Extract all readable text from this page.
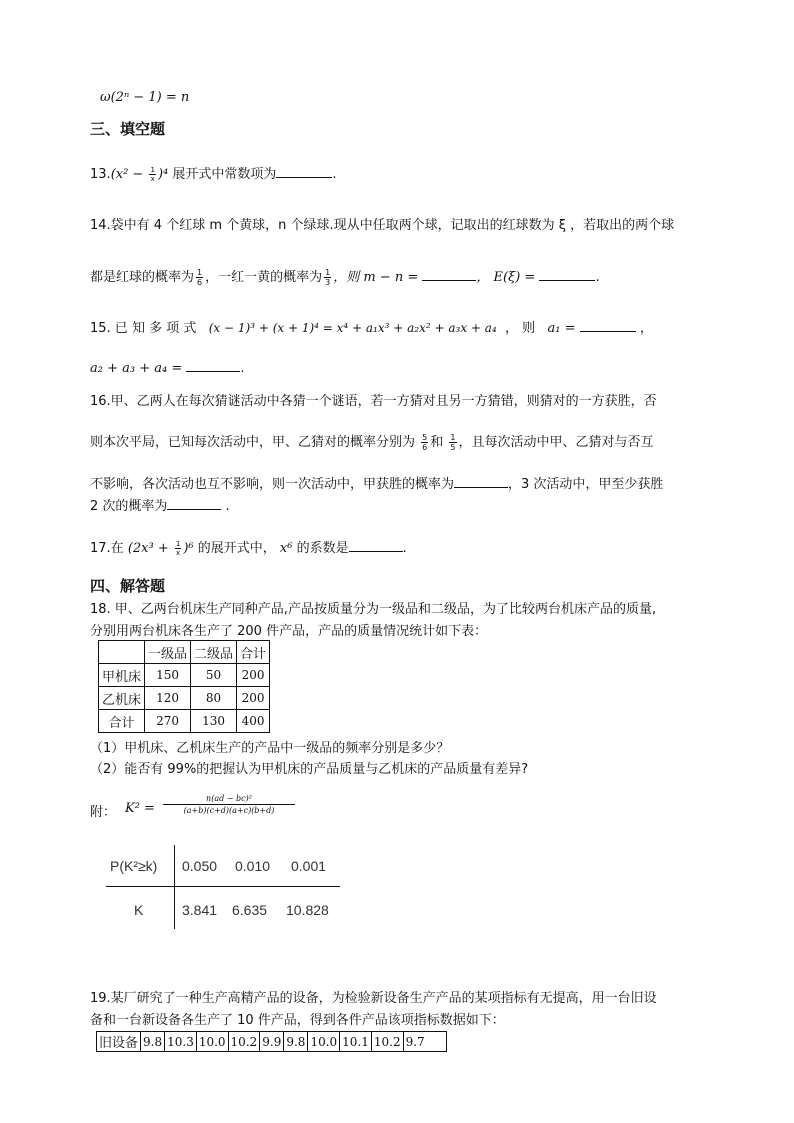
ω(2ⁿ − 1) = n
三、填空题
$13.(x^2 - \frac{1}{x} )^4$ 展开式中常数项为	.
14.袋中有 4 个红球 m 个黄球，n 个绿球.现从中任取两个球，记取出的红球数为 ξ ，若取出的两个球
都是红球的概率为 $\frac{1}{6}$ ，一红一黄的概率为 $\frac{1}{3}$ ，则 m − n =	， E(ξ) =	.
15. 已 知 多 项 式 (x − 1)³ + (x + 1)⁴ = x⁴ + a₁x³ + a₂x² + a₃x + a₄ ， 则 a₁ =	，
a₂ + a₃ + a₄ =	.
16.甲、乙两人在每次猜谜活动中各猜一个谜语，若一方猜对且另一方猜错，则猜对的一方获胜，否
则本次平局，已知每次活动中，甲、乙猜对的概率分别为 $\frac{5}{6}$ 和 $\frac{1}{5}$ ，且每次活动中甲、乙猜对与否互
不影响，各次活动也互不影响，则一次活动中，甲获胜的概率为	，3 次活动中，甲至少获胜
2 次的概率为	.
17.在 $(2x^3 + \frac{1}{x} )^6$ 的展开式中， x⁶ 的系数是	.
四、解答题
18. 甲、乙两台机床生产同种产品,产品按质量分为一级品和二级品，为了比较两台机床产品的质量,
分别用两台机床各生产了 200 件产品，产品的质量情况统计如下表：
	一级品	二级品	合计
甲机床	150	50	200
乙机床	120	80	200
合计	270	130	400
（1）甲机床、乙机床生产的产品中一级品的频率分别是多少？
（2）能否有 99%的把握认为甲机床的产品质量与乙机床的产品质量有差异?
附： K² =
n(ad − bc)²
(a+b)(c+d)(a+c)(b+d)
P(K²≥k) 0.050 0.010 0.001
K	3.841 6.635 10.828
19.某厂研究了一种生产高精产品的设备，为检验新设备生产产品的某项指标有无提高，用一台旧设
备和一台新设备各生产了 10 件产品，得到各件产品该项指标数据如下：
旧设备	9.8	10.3	10.0	10.2	9.9	9.8	10.0	10.1	10.2	9.7
